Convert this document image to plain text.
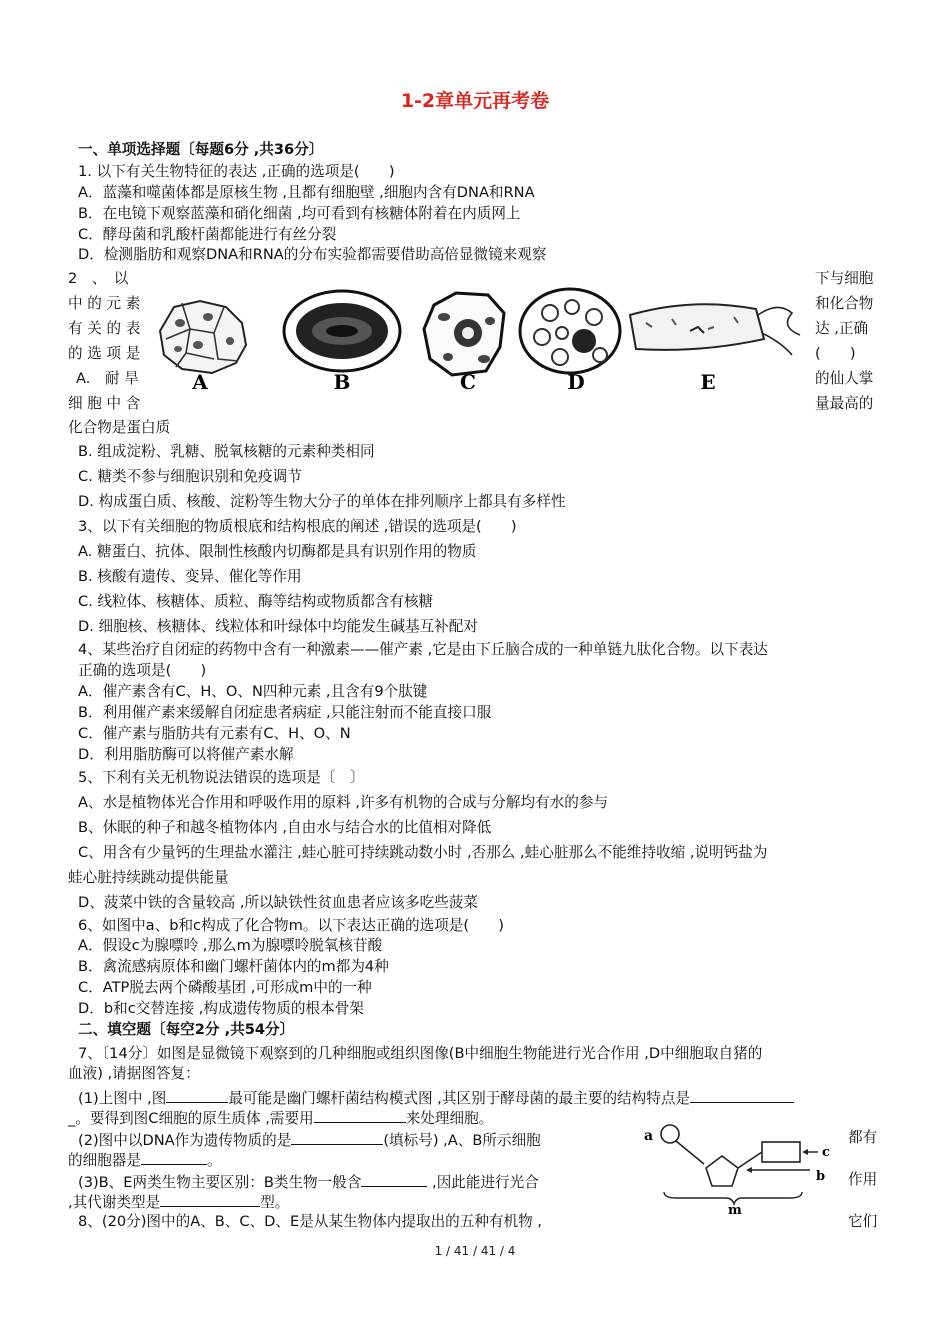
1-2章单元再考卷
一、单项选择题〔每题6分 ,共36分〕
1. 以下有关生物特征的表达 ,正确的选项是(　　)
A．蓝藻和噬菌体都是原核生物 ,且都有细胞壁 ,细胞内含有DNA和RNA
B．在电镜下观察蓝藻和硝化细菌 ,均可看到有核糖体附着在内质网上
C．酵母菌和乳酸杆菌都能进行有丝分裂
D．检测脂肪和观察DNA和RNA的分布实验都需要借助高倍显微镜来观察
2　、　以
中 的 元 素
有 关 的 表
的 选 项 是
A.　耐 旱
细 胞 中 含
下与细胞
和化合物
达 ,正确
(　　)
的仙人掌
量最高的
A	B	C	D	E
化合物是蛋白质
B. 组成淀粉、乳糖、脱氧核糖的元素种类相同
C. 糖类不参与细胞识别和免疫调节
D. 构成蛋白质、核酸、淀粉等生物大分子的单体在排列顺序上都具有多样性
3、以下有关细胞的物质根底和结构根底的阐述 ,错误的选项是(　　)
A. 糖蛋白、抗体、限制性核酸内切酶都是具有识别作用的物质
B. 核酸有遗传、变异、催化等作用
C. 线粒体、核糖体、质粒、酶等结构或物质都含有核糖
D. 细胞核、核糖体、线粒体和叶绿体中均能发生碱基互补配对
4、某些治疗自闭症的药物中含有一种激素——催产素 ,它是由下丘脑合成的一种单链九肽化合物。以下表达
正确的选项是(　　)
A．催产素含有C、H、O、N四种元素 ,且含有9个肽键
B．利用催产素来缓解自闭症患者病症 ,只能注射而不能直接口服
C．催产素与脂肪共有元素有C、H、O、N
D．利用脂肪酶可以将催产素水解
5、下利有关无机物说法错误的选项是〔　〕
A、水是植物体光合作用和呼吸作用的原料 ,许多有机物的合成与分解均有水的参与
B、休眠的种子和越冬植物体内 ,自由水与结合水的比值相对降低
C、用含有少量钙的生理盐水灌注 ,蛙心脏可持续跳动数小时 ,否那么 ,蛙心脏那么不能维持收缩 ,说明钙盐为
蛙心脏持续跳动提供能量
D、菠菜中铁的含量较高 ,所以缺铁性贫血患者应该多吃些菠菜
6、如图中a、b和c构成了化合物m。以下表达正确的选项是(　　)
A．假设c为腺嘌呤 ,那么m为腺嘌呤脱氧核苷酸
B．禽流感病原体和幽门螺杆菌体内的m都为4种
C．ATP脱去两个磷酸基团 ,可形成m中的一种
D．b和c交替连接 ,构成遗传物质的根本骨架
二、填空题〔每空2分 ,共54分〕
7、〔14分〕如图是显微镜下观察到的几种细胞或组织图像(B中细胞生物能进行光合作用 ,D中细胞取自猪的
血液) ,请据图答复：
(1)上图中 ,图	最可能是幽门螺杆菌结构模式图 ,其区别于酵母菌的最主要的结构特点是
_。要得到图C细胞的原生质体 ,需要用	来处理细胞。
(2)图中以DNA作为遗传物质的是	(填标号) ,A、B所示细胞	都有
的细胞器是	。
(3)B、E两类生物主要区别：B类生物一般含	,因此能进行光合	作用
,其代谢类型是	型。
8、(20分)图中的A、B、C、D、E是从某生物体内提取出的五种有机物 ,	它们
a
c
b
m
1 / 41 / 41 / 4
